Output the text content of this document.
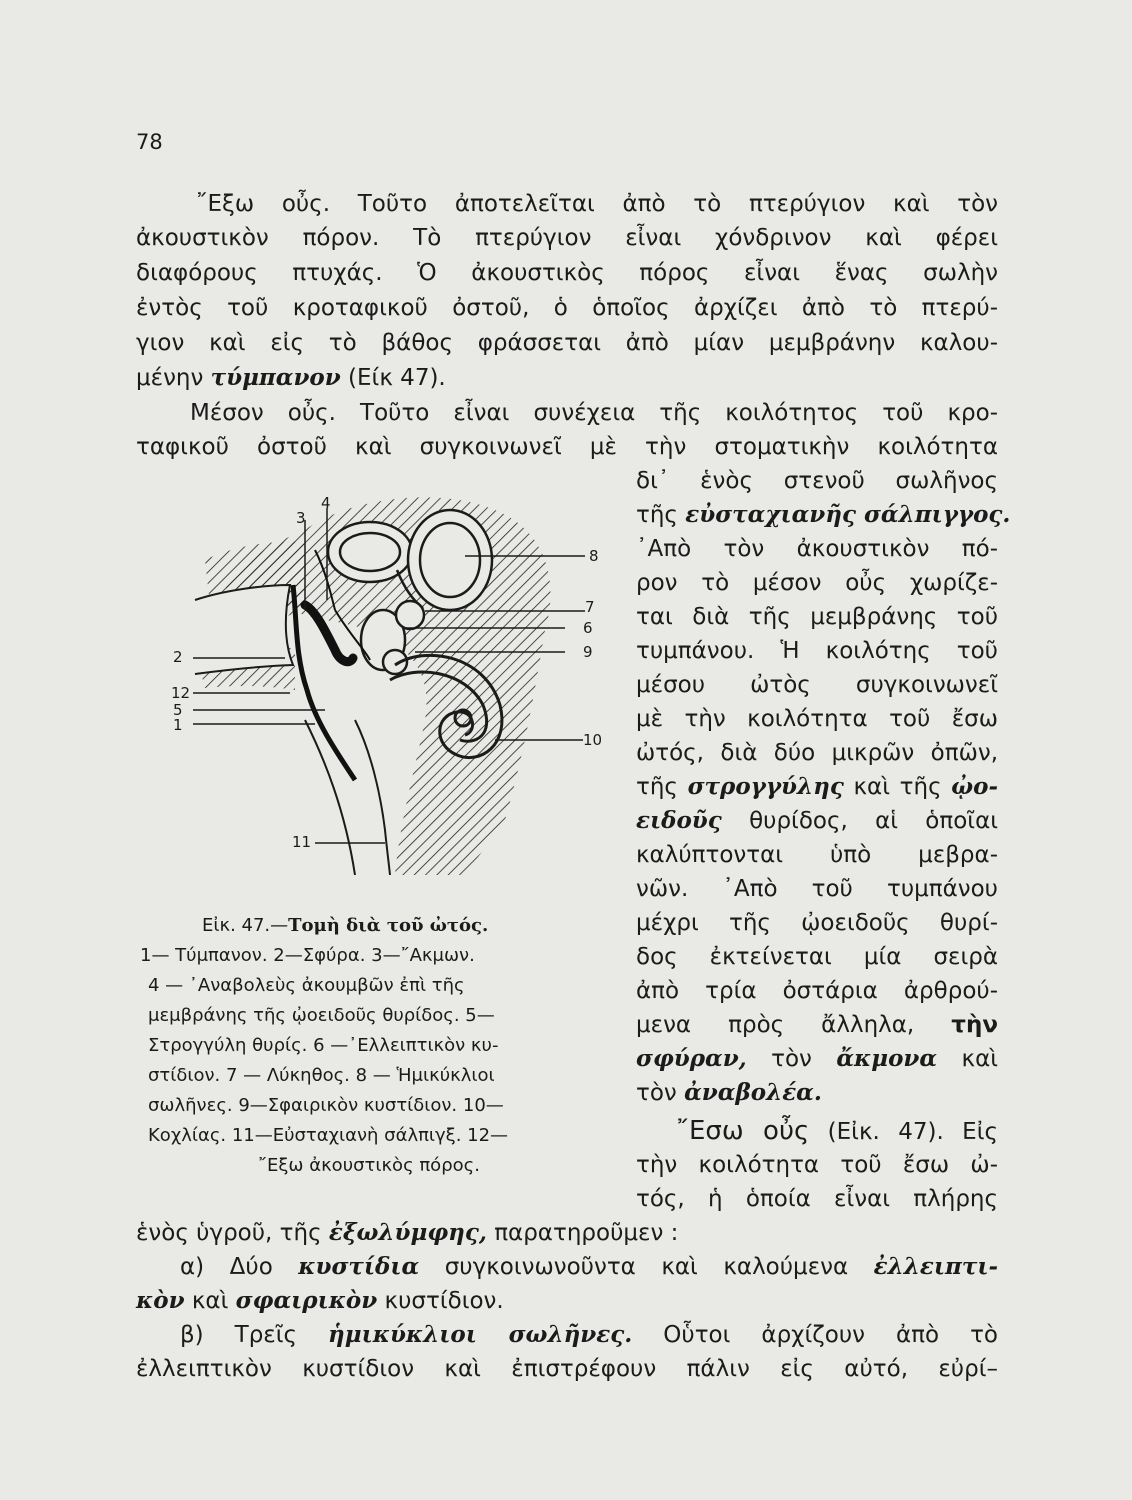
78
῎Εξω οὖς. Τοῦτο ἀποτελεῖται ἀπὸ τὸ πτερύγιον καὶ τὸν
ἀκουστικὸν πόρον. Τὸ πτερύγιον εἶναι χόνδρινον καὶ φέρει
διαφόρους πτυχάς. Ὁ ἀκουστικὸς πόρος εἶναι ἕνας σωλὴν
ἐντὸς τοῦ κροταφικοῦ ὀστοῦ, ὁ ὁποῖος ἀρχίζει ἀπὸ τὸ πτερύ-
γιον καὶ εἰς τὸ βάθος φράσσεται ἀπὸ μίαν μεμβράνην καλου-
μένην τύμπανον (Είκ 47).
Μέσον οὖς. Τοῦτο εἶναι συνέχεια τῆς κοιλότητος τοῦ κρο-
ταφικοῦ ὀστοῦ καὶ συγκοινωνεῖ μὲ τὴν στοματικὴν κοιλότητα
δι᾽ ἑνὸς στενοῦ σωλῆνος
τῆς εὐσταχιανῆς σάλπιγγος.
᾽Απὸ τὸν ἀκουστικὸν πό-
ρον τὸ μέσον οὖς χωρίζε-
ται διὰ τῆς μεμβράνης τοῦ
τυμπάνου. Ἡ κοιλότης τοῦ
μέσου ὠτὸς συγκοινωνεῖ
μὲ τὴν κοιλότητα τοῦ ἔσω
ὠτός, διὰ δύο μικρῶν ὀπῶν,
τῆς στρογγύλης καὶ τῆς ᾠο-
ειδοῦς θυρίδος, αἱ ὁποῖαι
καλύπτονται ὑπὸ μεβρα-
νῶν. ᾽Απὸ τοῦ τυμπάνου
μέχρι τῆς ᾠοειδοῦς θυρί-
δος ἐκτείνεται μία σειρὰ
ἀπὸ τρία ὀστάρια ἀρθρού-
μενα πρὸς ἄλληλα, τὴν
σφύραν, τὸν ἄκμονα καὶ
τὸν ἀναβολέα.
῎Εσω οὖς (Εἰκ. 47). Εἰς
τὴν κοιλότητα τοῦ ἔσω ὠ-
τός, ἡ ὁποία εἶναι πλήρης
ἑνὸς ὑγροῦ, τῆς ἐξωλύμφης, παρατηροῦμεν :
α) Δύο κυστίδια συγκοινωνοῦντα καὶ καλούμενα ἐλλειπτι-
κὸν καὶ σφαιρικὸν κυστίδιον.
β) Τρεῖς ἡμικύκλιοι σωλῆνες. Οὗτοι ἀρχίζουν ἀπὸ τὸ
ἐλλειπτικὸν κυστίδιον καὶ ἐπιστρέφουν πάλιν εἰς αὐτό, εὐρί–
2
12
5
1
3
4
8
7
6
9
10
11
Εἰκ. 47.—Τομὴ διὰ τοῦ ὠτός.
1— Τύμπανον. 2—Σφύρα. 3—῎Ακμων.
4 — ᾽Αναβολεὺς ἀκουμβῶν ἐπὶ τῆς
μεμβράνης τῆς ᾠοειδοῦς θυρίδος. 5—
Στρογγύλη θυρίς. 6 —᾽Ελλειπτικὸν κυ-
στίδιον. 7 — Λύκηθος. 8 — Ἡμικύκλιοι
σωλῆνες. 9—Σφαιρικὸν κυστίδιον. 10—
Κοχλίας. 11—Εὐσταχιανὴ σάλπιγξ. 12—
῎Εξω ἀκουστικὸς πόρος.
